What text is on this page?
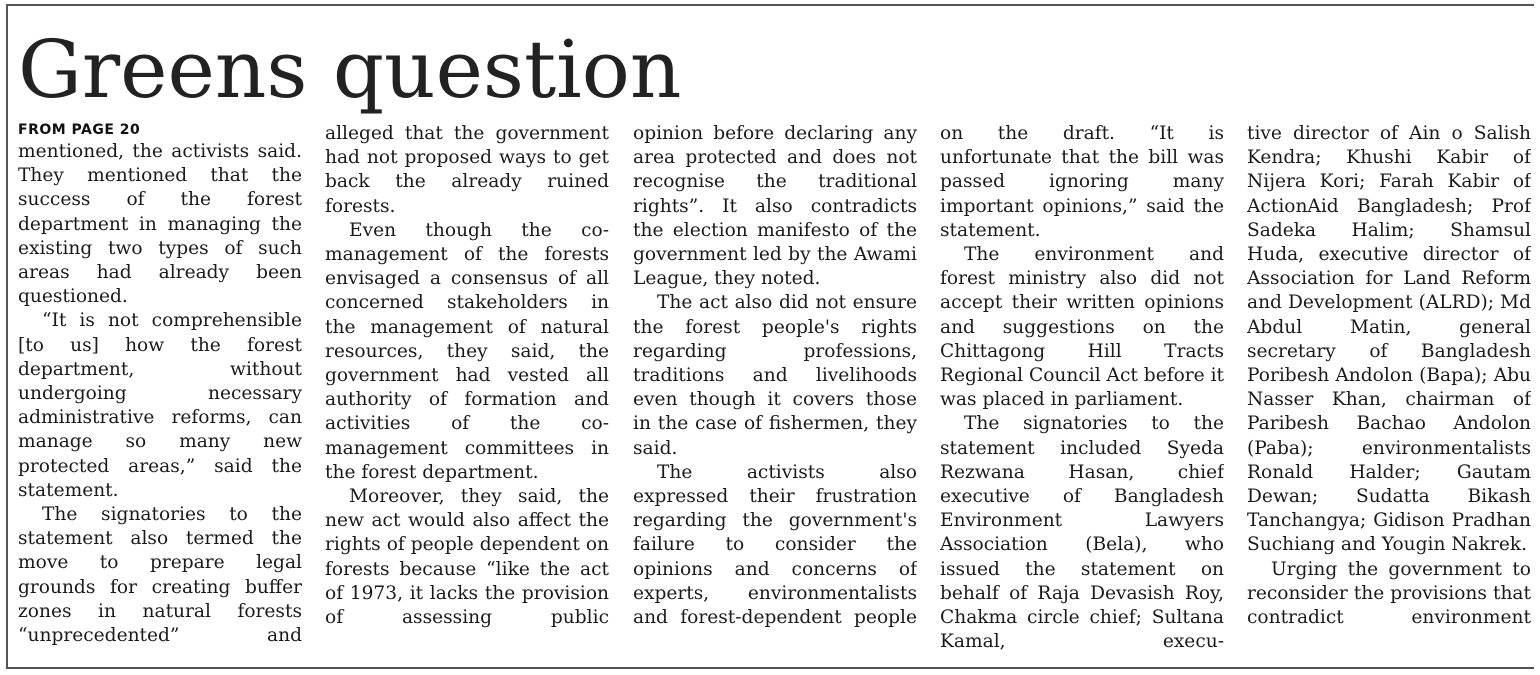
Greens question
FROM PAGE 20

mentioned, the activists said. They mentioned that the success of the forest department in managing the existing two types of such areas had already been questioned.

“It is not comprehensible [to us] how the forest department, without undergoing necessary administrative reforms, can manage so many new protected areas,” said the statement.

The signatories to the statement also termed the move to prepare legal grounds for creating buffer zones in natural forests “unprecedented” and

alleged that the government had not proposed ways to get back the already ruined forests.

Even though the co-management of the forests envisaged a consensus of all concerned stakeholders in the management of natural resources, they said, the government had vested all authority of formation and activities of the co-management committees in the forest department.

Moreover, they said, the new act would also affect the rights of people dependent on forests because “like the act of 1973, it lacks the provision of assessing public

opinion before declaring any area protected and does not recognise the traditional rights”. It also contradicts the election manifesto of the government led by the Awami League, they noted.

The act also did not ensure the forest people's rights regarding professions, traditions and livelihoods even though it covers those in the case of fishermen, they said.

The activists also expressed their frustration regarding the government's failure to consider the opinions and concerns of experts, environmentalists and forest-dependent people

on the draft. “It is unfortunate that the bill was passed ignoring many important opinions,” said the statement.

The environment and forest ministry also did not accept their written opinions and suggestions on the Chittagong Hill Tracts Regional Council Act before it was placed in parliament.

The signatories to the statement included Syeda Rezwana Hasan, chief executive of Bangladesh Environment Lawyers Association (Bela), who issued the statement on behalf of Raja Devasish Roy, Chakma circle chief; Sultana Kamal, execu-

tive director of Ain o Salish Kendra; Khushi Kabir of Nijera Kori; Farah Kabir of ActionAid Bangladesh; Prof Sadeka Halim; Shamsul Huda, executive director of Association for Land Reform and Development (ALRD); Md Abdul Matin, general secretary of Bangladesh Poribesh Andolon (Bapa); Abu Nasser Khan, chairman of Paribesh Bachao Andolon (Paba); environmentalists Ronald Halder; Gautam Dewan; Sudatta Bikash Tanchangya; Gidison Pradhan Suchiang and Yougin Nakrek.

Urging the government to reconsider the provisions that contradict environment
